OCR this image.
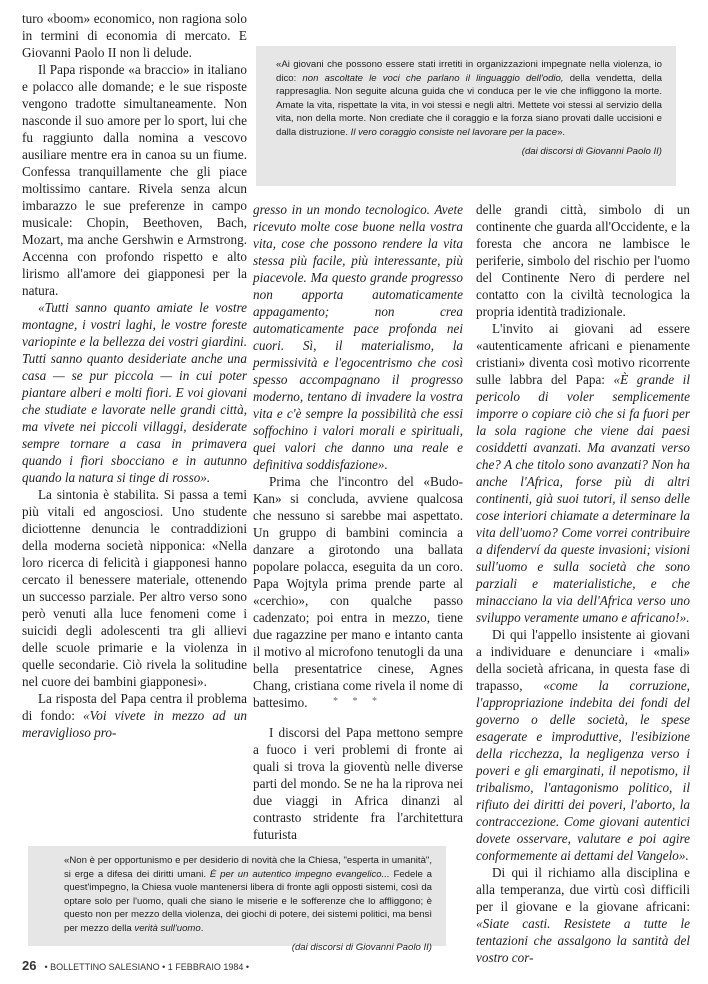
turo «boom» economico, non ragiona solo in termini di economia di mercato. E Giovanni Paolo II non li delude.

Il Papa risponde «a braccio» in italiano e polacco alle domande; e le sue risposte vengono tradotte simultaneamente. Non nasconde il suo amore per lo sport, lui che fu raggiunto dalla nomina a vescovo ausiliare mentre era in canoa su un fiume. Confessa tranquillamente che gli piace moltissimo cantare. Rivela senza alcun imbarazzo le sue preferenze in campo musicale: Chopin, Beethoven, Bach, Mozart, ma anche Gershwin e Armstrong. Accenna con profondo rispetto e alto lirismo all'amore dei giapponesi per la natura.

«Tutti sanno quanto amiate le vostre montagne, i vostri laghi, le vostre foreste variopinte e la bellezza dei vostri giardini. Tutti sanno quanto desideriate anche una casa — se pur piccola — in cui poter piantare alberi e molti fiori. E voi giovani che studiate e lavorate nelle grandi città, ma vivete nei piccoli villaggi, desiderate sempre tornare a casa in primavera quando i fiori sbocciano e in autunno quando la natura si tinge di rosso».

La sintonia è stabilita. Si passa a temi più vitali ed angosciosi. Uno studente diciottenne denuncia le contraddizioni della moderna società nipponica: «Nella loro ricerca di felicità i giapponesi hanno cercato il benessere materiale, ottenendo un successo parziale. Per altro verso sono però venuti alla luce fenomeni come i suicidi degli adolescenti tra gli allievi delle scuole primarie e la violenza in quelle secondarie. Ciò rivela la solitudine nel cuore dei bambini giapponesi».

La risposta del Papa centra il problema di fondo: «Voi vivete in mezzo ad un meraviglioso pro-

«Ai giovani che possono essere stati irretiti in organizzazioni impegnate nella violenza, io dico: non ascoltate le voci che parlano il linguaggio dell'odio, della vendetta, della rappresaglia. Non seguite alcuna guida che vi conduca per le vie che infliggono la morte. Amate la vita, rispettate la vita, in voi stessi e negli altri. Mettete voi stessi al servizio della vita, non della morte. Non crediate che il coraggio e la forza siano provati dalle uccisioni e dalla distruzione. Il vero coraggio consiste nel lavorare per la pace».

(dai discorsi di Giovanni Paolo II)

gresso in un mondo tecnologico. Avete ricevuto molte cose buone nella vostra vita, cose che possono rendere la vita stessa più facile, più interessante, più piacevole. Ma questo grande progresso non apporta automaticamente appagamento; non crea automaticamente pace profonda nei cuori. Sì, il materialismo, la permissività e l'egocentrismo che così spesso accompagnano il progresso moderno, tentano di invadere la vostra vita e c'è sempre la possibilità che essi soffochino i valori morali e spirituali, quei valori che danno una reale e definitiva soddisfazione».

Prima che l'incontro del «Budo-Kan» si concluda, avviene qualcosa che nessuno si sarebbe mai aspettato. Un gruppo di bambini comincia a danzare a girotondo una ballata popolare polacca, eseguita da un coro. Papa Wojtyla prima prende parte al «cerchio», con qualche passo cadenzato; poi entra in mezzo, tiene due ragazzine per mano e intanto canta il motivo al microfono tenutogli da una bella presentatrice cinese, Agnes Chang, cristiana come rivela il nome di battesimo.	* * *

I discorsi del Papa mettono sempre a fuoco i veri problemi di fronte ai quali si trova la gioventù nelle diverse parti del mondo. Se ne ha la riprova nei due viaggi in Africa dinanzi al contrasto stridente fra l'architettura futurista

delle grandi città, simbolo di un continente che guarda all'Occidente, e la foresta che ancora ne lambisce le periferie, simbolo del rischio per l'uomo del Continente Nero di perdere nel contatto con la civiltà tecnologica la propria identità tradizionale.

L'invito ai giovani ad essere «autenticamente africani e pienamente cristiani» diventa così motivo ricorrente sulle labbra del Papa: «È grande il pericolo di voler semplicemente imporre o copiare ciò che si fa fuori per la sola ragione che viene dai paesi cosiddetti avanzati. Ma avanzati verso che? A che titolo sono avanzati? Non ha anche l'Africa, forse più di altri continenti, già suoi tutori, il senso delle cose interiori chiamate a determinare la vita dell'uomo? Come vorrei contribuire a difenderví da queste invasioni; visioni sull'uomo e sulla società che sono parziali e materialistiche, e che minacciano la via dell'Africa verso uno sviluppo veramente umano e africano!».

Di qui l'appello insistente ai giovani a individuare e denunciare i «mali» della società africana, in questa fase di trapasso, «come la corruzione, l'appropriazione indebita dei fondi del governo o delle società, le spese esagerate e improduttive, l'esibizione della ricchezza, la negligenza verso i poveri e gli emarginati, il nepotismo, il tribalismo, l'antagonismo politico, il rifiuto dei diritti dei poveri, l'aborto, la contraccezione. Come giovani autentici dovete osservare, valutare e poi agire conformemente ai dettami del Vangelo».

Di qui il richiamo alla disciplina e alla temperanza, due virtù così difficili per il giovane e la giovane africani: «Siate casti. Resistete a tutte le tentazioni che assalgono la santità del vostro cor-

«Non è per opportunismo e per desiderio di novità che la Chiesa, "esperta in umanità", si erge a difesa dei diritti umani. È per un autentico impegno evangelico... Fedele a quest'impegno, la Chiesa vuole mantenersi libera di fronte agli opposti sistemi, così da optare solo per l'uomo, quali che siano le miserie e le sofferenze che lo affliggono; è questo non per mezzo della violenza, dei giochi di potere, dei sistemi politici, ma bensì per mezzo della verità sull'uomo.

(dai discorsi di Giovanni Paolo II)

26 • BOLLETTINO SALESIANO • 1 FEBBRAIO 1984 •
